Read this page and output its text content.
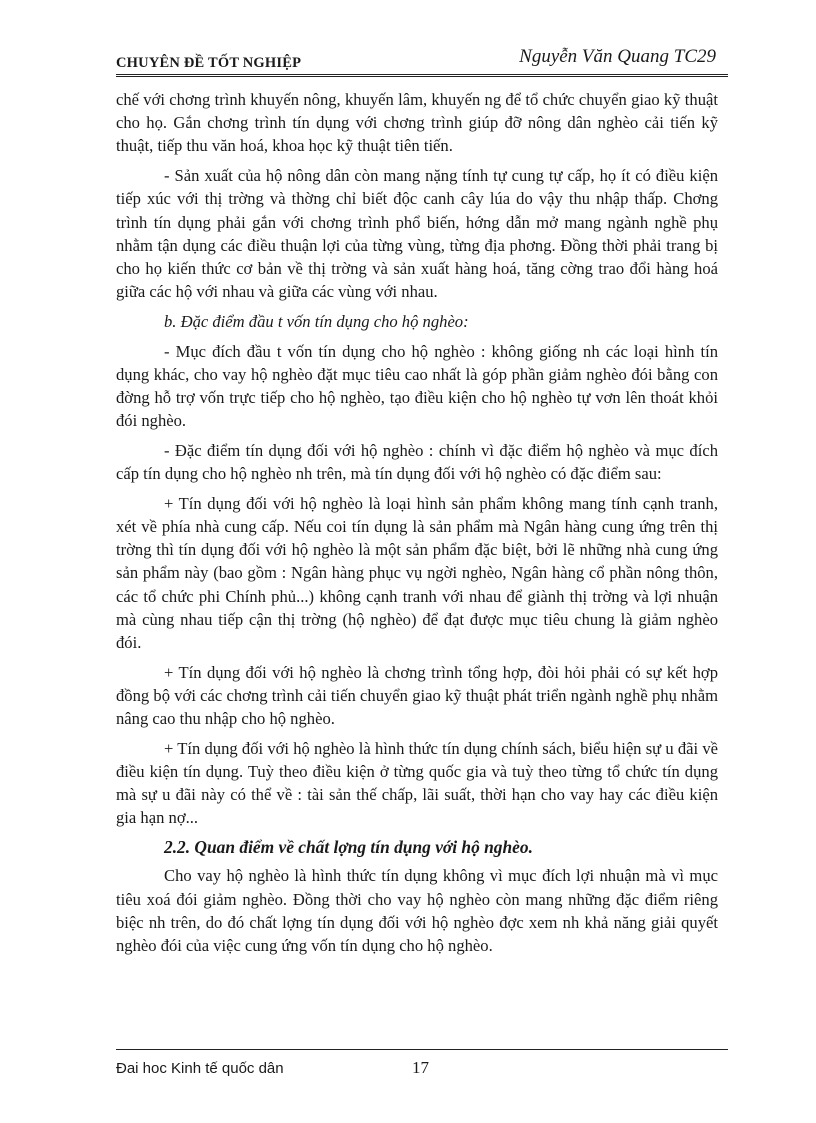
CHUYÊN ĐỀ TỐT NGHIỆP	Nguyễn Văn Quang TC29

chế với chơng trình khuyến nông, khuyến lâm, khuyến ng để tổ chức chuyển giao kỹ thuật cho họ. Gắn chơng trình tín dụng với chơng trình giúp đỡ nông dân nghèo cải tiến kỹ thuật, tiếp thu văn hoá, khoa học kỹ thuật tiên tiến.

- Sản xuất của hộ nông dân còn mang nặng tính tự cung tự cấp, họ ít có điều kiện tiếp xúc với thị trờng và thờng chỉ biết độc canh cây lúa do vậy thu nhập thấp. Chơng trình tín dụng phải gắn với chơng trình phổ biến, hớng dẫn mở mang ngành nghề phụ nhằm tận dụng các điều thuận lợi của từng vùng, từng địa phơng. Đồng thời phải trang bị cho họ kiến thức cơ bản về thị trờng và sản xuất hàng hoá, tăng cờng trao đổi hàng hoá giữa các hộ với nhau và giữa các vùng với nhau.

b. Đặc điểm đầu t vốn tín dụng cho hộ nghèo:

- Mục đích đầu t vốn tín dụng cho hộ nghèo : không giống nh các loại hình tín dụng khác, cho vay hộ nghèo đặt mục tiêu cao nhất là góp phần giảm nghèo đói bằng con đờng hỗ trợ vốn trực tiếp cho hộ nghèo, tạo điều kiện cho hộ nghèo tự vơn lên thoát khỏi đói nghèo.

- Đặc điểm tín dụng đối với hộ nghèo : chính vì đặc điểm hộ nghèo và mục đích cấp tín dụng cho hộ nghèo nh trên, mà tín dụng đối với hộ nghèo có đặc điểm sau:

+ Tín dụng đối với hộ nghèo là loại hình sản phẩm không mang tính cạnh tranh, xét về phía nhà cung cấp. Nếu coi tín dụng là sản phẩm mà Ngân hàng cung ứng trên thị trờng thì tín dụng đối với hộ nghèo là một sản phẩm đặc biệt, bởi lẽ những nhà cung ứng sản phẩm này (bao gồm : Ngân hàng phục vụ ngời nghèo, Ngân hàng cổ phần nông thôn, các tổ chức phi Chính phủ...) không cạnh tranh với nhau để giành thị trờng và lợi nhuận mà cùng nhau tiếp cận thị trờng (hộ nghèo) để đạt được mục tiêu chung là giảm nghèo đói.

+ Tín dụng đối với hộ nghèo là chơng trình tổng hợp, đòi hỏi phải có sự kết hợp đồng bộ với các chơng trình cải tiến chuyển giao kỹ thuật phát triển ngành nghề phụ nhằm nâng cao thu nhập cho hộ nghèo.

+ Tín dụng đối với hộ nghèo là hình thức tín dụng chính sách, biểu hiện sự u đãi về điều kiện tín dụng. Tuỳ theo điều kiện ở từng quốc gia và tuỳ theo từng tổ chức tín dụng mà sự u đãi này có thể về : tài sản thế chấp, lãi suất, thời hạn cho vay hay các điều kiện gia hạn nợ...

2.2. Quan điểm về chất lợng tín dụng với hộ nghèo.

Cho vay hộ nghèo là hình thức tín dụng không vì mục đích lợi nhuận mà vì mục tiêu xoá đói giảm nghèo. Đồng thời cho vay hộ nghèo còn mang những đặc điểm riêng biệc nh trên, do đó chất lợng tín dụng đối với hộ nghèo đợc xem nh khả năng giải quyết nghèo đói của việc cung ứng vốn tín dụng cho hộ nghèo.

Đai hoc Kinh tế quốc dân	17
